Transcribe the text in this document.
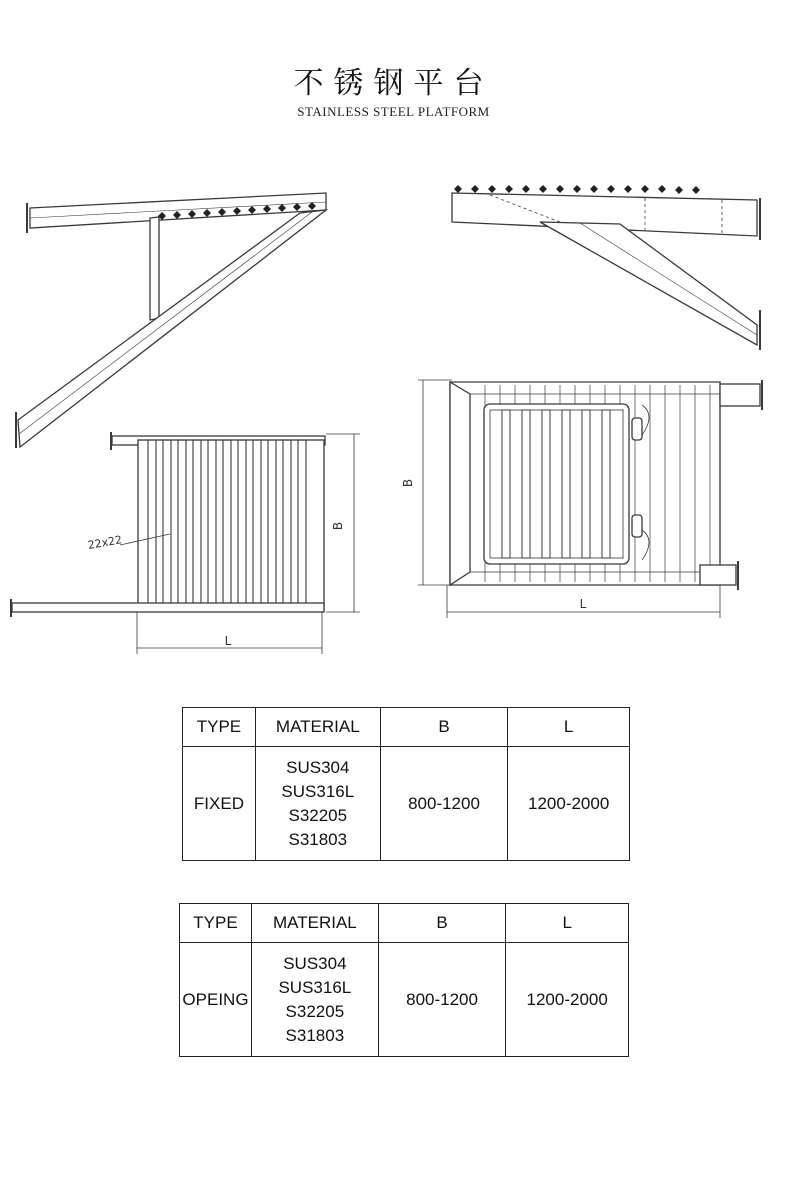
不锈钢平台
STAINLESS STEEL PLATFORM
B
L
22x22
B
L
TYPE	MATERIAL	B	L
FIXED	SUS304
SUS316L
S32205
S31803	800-1200	1200-2000
TYPE	MATERIAL	B	L
OPEING	SUS304
SUS316L
S32205
S31803	800-1200	1200-2000
